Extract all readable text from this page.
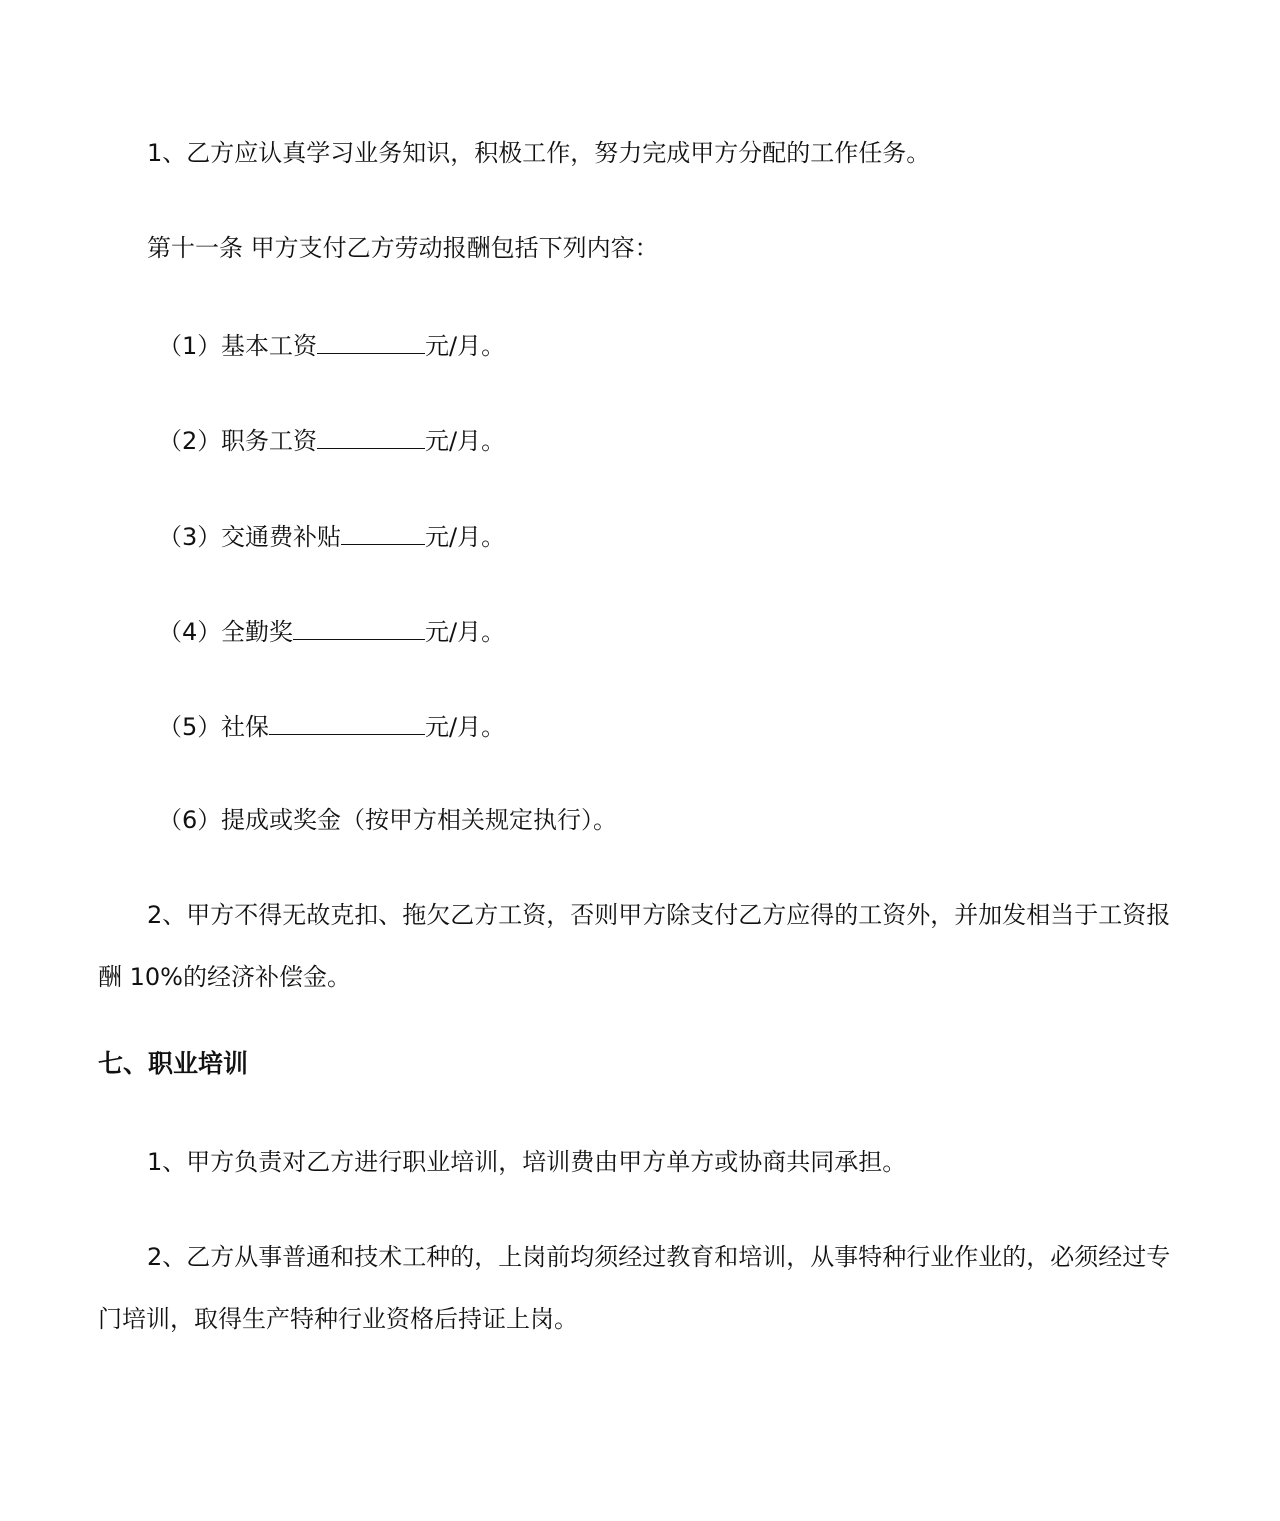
1、乙方应认真学习业务知识，积极工作，努力完成甲方分配的工作任务。
第十一条 甲方支付乙方劳动报酬包括下列内容：
（1）基本工资	元/月。
（2）职务工资	元/月。
（3）交通费补贴	元/月。
（4）全勤奖	元/月。
（5）社保	元/月。
（6）提成或奖金（按甲方相关规定执行）。
2、甲方不得无故克扣、拖欠乙方工资，否则甲方除支付乙方应得的工资外，并加发相当于工资报酬 10%的经济补偿金。
七、职业培训
1、甲方负责对乙方进行职业培训，培训费由甲方单方或协商共同承担。
2、乙方从事普通和技术工种的，上岗前均须经过教育和培训，从事特种行业作业的，必须经过专门培训，取得生产特种行业资格后持证上岗。
